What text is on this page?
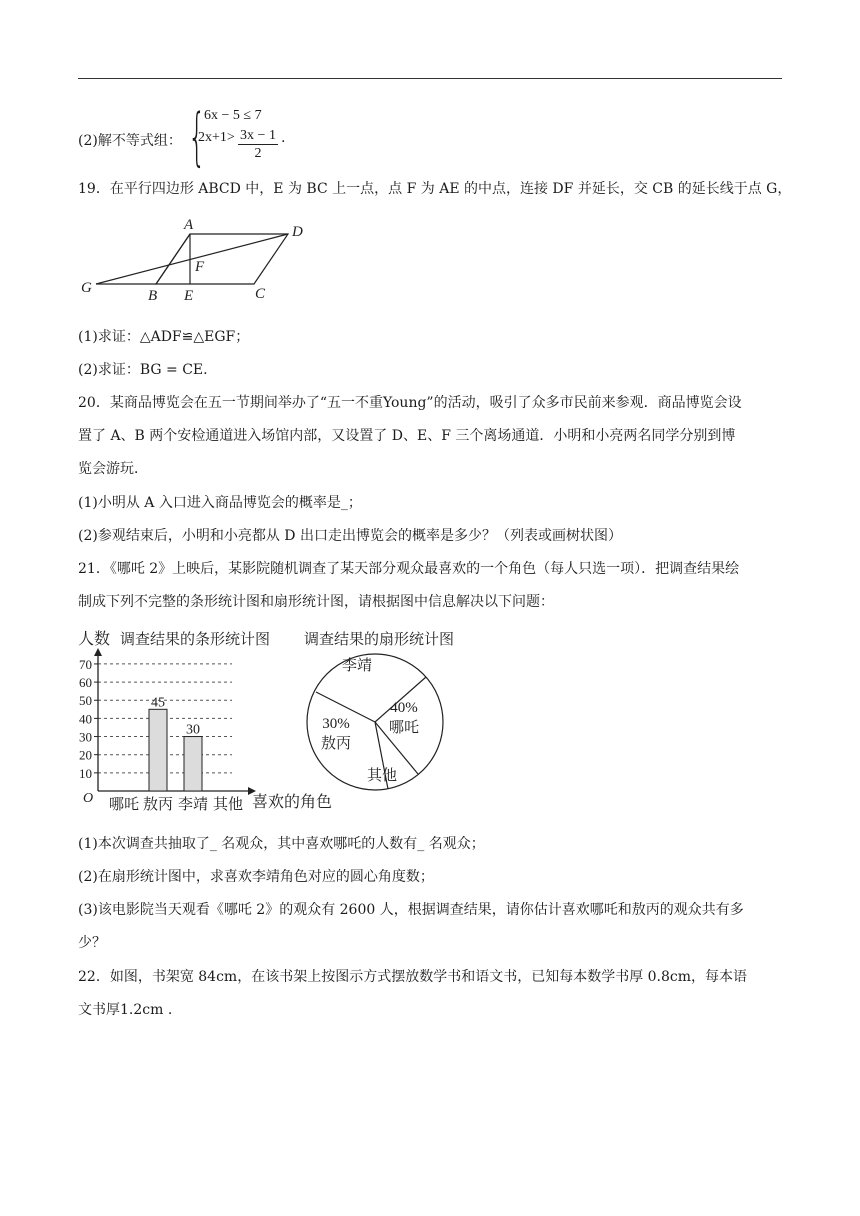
(2)解不等式组： {
6x − 5 ≤ 7
$2x+1> \frac{3x - 1}{2}$ .
19．在平行四边形 ABCD 中，E 为 BC 上一点，点 F 为 AE 的中点，连接 DF 并延长，交 CB 的延长线于点 G，
A	D
F
G	B E	C
(1)求证：△ADF≌△EGF；
(2)求证：BG = CE.
20．某商品博览会在五一节期间举办了“五一不重Young”的活动，吸引了众多市民前来参观．商品博览会设
置了 A、B 两个安检通道进入场馆内部，又设置了 D、E、F 三个离场通道．小明和小亮两名同学分别到博
览会游玩．
(1)小明从 A 入口进入商品博览会的概率是_；
(2)参观结束后，小明和小亮都从 D 出口走出博览会的概率是多少？（列表或画树状图）
21．《哪吒 2》上映后，某影院随机调查了某天部分观众最喜欢的一个角色（每人只选一项）．把调查结果绘
制成下列不完整的条形统计图和扇形统计图，请根据图中信息解决以下问题：
人数 调查结果的条形统计图
O	喜欢的角色
10
20
30
40
50
60
70
哪吒 敖丙
45
李靖
30
其他
调查结果的扇形统计图
40%
哪吒
30%
敖丙
李靖
其他
(1)本次调查共抽取了_ 名观众，其中喜欢哪吒的人数有_ 名观众；
(2)在扇形统计图中，求喜欢李靖角色对应的圆心角度数；
(3)该电影院当天观看《哪吒 2》的观众有 2600 人，根据调查结果，请你估计喜欢哪吒和敖丙的观众共有多
少？
22．如图，书架宽 84cm，在该书架上按图示方式摆放数学书和语文书，已知每本数学书厚 0.8cm，每本语
文书厚1.2cm .
